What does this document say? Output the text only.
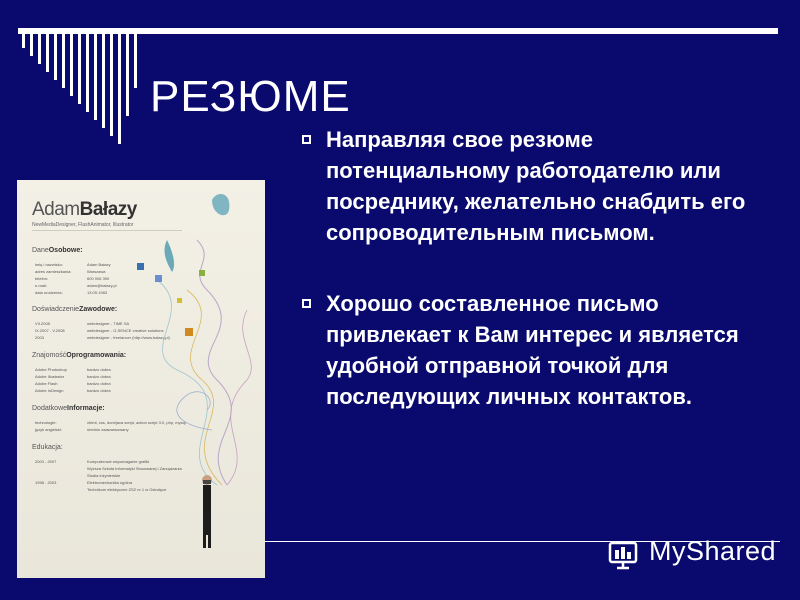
РЕЗЮМЕ
Направляя свое резюме потенциальному работодателю или посреднику, желательно снабдить его сопроводительным письмом.
Хорошо составленное письмо привлекает к Вам интерес и является удобной отправной точкой для последующих личных контактов.
AdamBałazy
NewMediaDesigner, FlashAnimator, Illustrator
DaneOsobowe:
imię i nazwisko:	Adam Bałazy
adres zamieszkania:	Warszawa
telefon:	600 906 390
e-mail:	adam@balazy.pl
data urodzenia:	13.09.1983
DoświadczenieZawodowe:
VII.2008	webdesigner - TIME SA
IX.2007 - V.2008	webdesigner - G-SENCE creative solutions
2003	webdesigner - freelancer (http://www.balazy.pl)
ZnajomośćOprogramowania:
Adobe Photoshop	bardzo dobra
Adobe Illustrator	bardzo dobra
Adobe Flash	bardzo dobra
Adobe InDesign	bardzo dobra
DodatkoweInformacje:
technologie:	xhtml, css, dom/java script, action script 3.0, php, mysql
język angielski:	średnio zaawansowany
Edukacja:
2003 - 2007	Komputerowe wspomaganie grafiki
Wyższa Szkoła Informatyki Stosowanej i Zarządzania
Studia inżynierskie
1998 - 2003	Elektromechanika ogólna
Technikum elektryczne ZSZ nr 1 w Ostrołęce
MyShared
